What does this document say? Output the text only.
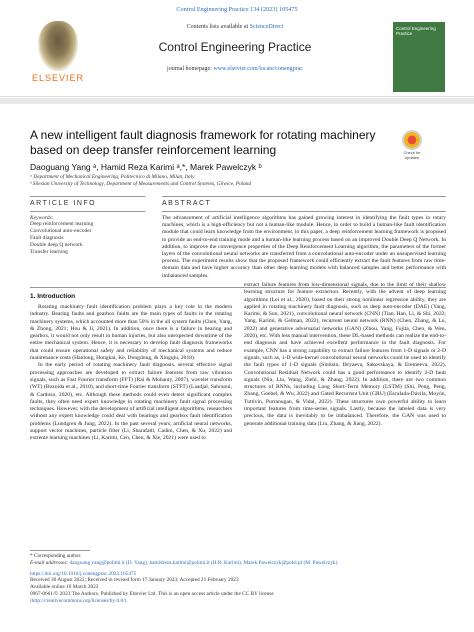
Control Engineering Practice 134 (2023) 105475
ELSEVIER
Contents lists available at ScienceDirect
Control Engineering Practice
journal homepage: www.elsevier.com/locate/conengprac
Control Engineering Practice
A new intelligent fault diagnosis framework for rotating machinery based on deep transfer reinforcement learning	Check for updates
Daoguang Yang ᵃ, Hamid Reza Karimi ᵃ,*, Marek Pawelczyk ᵇ
ᵃ Department of Mechanical Engineering, Politecnico di Milano, Milan, Italy
ᵇ Silesian University of Technology, Department of Measurements and Control Systems, Gliwice, Poland
ARTICLE INFO	ABSTRACT
Keywords:
Deep reinforcement learning
Convolutional auto-encoder
Fault diagnosis
Double deep Q network
Transfer learning
The advancement of artificial intelligence algorithms has gained growing interest in identifying the fault types in rotary machines, which is a high-efficiency but not a human-like module. Hence, in order to build a human-like fault identification module that could learn knowledge from the environment, in this paper, a deep reinforcement learning framework is proposed to provide an end-to-end training mode and a human-like learning process based on an improved Double Deep Q Network. In addition, to improve the convergence properties of the Deep Reinforcement Learning algorithm, the parameters of the former layers of the convolutional neural networks are transferred from a convolutional auto-encoder under an unsupervised learning process. The experiment results show that the proposed framework could efficiently extract the fault features from raw time-domain data and have higher accuracy than other deep learning models with balanced samples and better performance with imbalanced samples.
1. Introduction

Rotating machinery fault identification problem plays a key role in the modern industry. Bearing faults and gearbox faults are the main types of faults in the rotating machinery systems, which accounted more than 50% in the all system faults (Chen, Yang, & Zhong, 2021; Hou & Ji, 2021). In addition, once there is a failure in bearing and gearbox, it would not only result in human injuries, but also unexpected downtime of the entire mechanical system. Hence, it is necessary to develop fault diagnosis frameworks that could ensure operational safety and reliability of mechanical systems and reduce maintenance costs (Hanlong, Hongkai, Ke, Dongdong, & Xingqiu, 2018).

In the early period of rotating machinery fault diagnosis, several effective signal processing approaches are developed to extract failure features from raw vibration signals, such as Fast Fourier transform (FFT) (Rai & Mohanty, 2007), wavelet transform (WT) (Bozoida et al., 2010), and short-time Fourier transform (STFT) (Laadjal, Sahraoui, & Cardoso, 2020), etc. Although these methods could even detect significant complex faults, they often need expert knowledge in rotating machinery fault signal processing techniques. However, with the development of artificial intelligent algorithms, researchers without any expert knowledge could deal with bearings and gearbox fault identification problems (Lundgren & Jung, 2022). In the past several years, artificial neural networks, support vector machines, particle filter (Li, Sharafatti, Cadini, Chen, & Xu, 2022) and extreme learning machines (Li, Karimi, Cen, Chen, & Xie, 2021) were used to

extract failure features from low-dimensional signals, due to the limit of their shallow learning structure for feature extraction. Recently, with the advent of deep learning algorithms (Lei et al., 2020), based on their strong nonlinear regression ability, they are applied in rotating machinery fault diagnosis, such as deep auto-encoder (DAE) (Yang, Karimi, & Sun, 2021), convolutional neural network (CNN) (Tian, Han, Li, & Shi, 2022; Yang, Karimi, & Gelman, 2022), recurrent neural network (RNN) (Chen, Zhang, & Lu, 2022) and generative adversarial networks (GAN) (Zhou, Yang, Fujita, Chen, & Wen, 2020), etc. With less manual intervention, these DL-based methods can realize the end-to-end diagnosis and have achieved excellent performance in the fault diagnosis. For example, CNN has a strong capability to extract failure features from 1-D signals or 2-D signals, such as, 1-D wide-kernel convolutional neural networks could be used to identify the fault types of 1-D signals (Sinitsin, Ibryaeva, Sakovskaya, & Eremeeva, 2022), Convolutional Residual Network could has a good performance to identify 2-D fault signals (Niu, Liu, Wang, Ziehl, & Zhang, 2022). In addition, there are two common structures of RNNs, including Long Short-Term Memory (LSTM) (Shi, Peng, Peng, Zhang, Goebel, & Wu, 2022) and Gated Recurrent Unit (GRU) (Escalada-Dávila, Moyón, Tuttivín, Purranugan, & Vidal, 2022). These structures own powerful ability to learn important features from time-series signals. Lastly, because the labeled data is very precious, the data is inevitably to be imbalanced. Therefore, the GAN was used to generate additional training data (Liu, Zhang, & Jiang, 2022).

* Corresponding author.
E-mail addresses: daoguang.yang@polimi.it (D. Yang), hamidreza.karimi@polimi.it (H.R. Karimi), Marek.Pawelczyk@polsl.pl (M. Pawelczyk).
https://doi.org/10.1016/j.conengprac.2023.105475
Received 30 August 2022; Received in revised form 17 January 2023; Accepted 21 February 2023
Available online 10 March 2023
0967-0661/© 2023 The Authors. Published by Elsevier Ltd. This is an open access article under the CC BY license
(http://creativecommons.org/licenses/by/4.0/).
